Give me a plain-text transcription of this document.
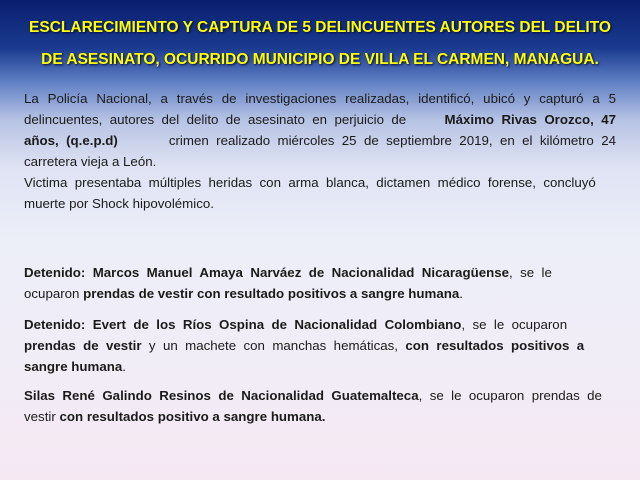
ESCLARECIMIENTO Y CAPTURA DE 5 DELINCUENTES AUTORES DEL DELITO
DE ASESINATO, OCURRIDO MUNICIPIO DE VILLA EL CARMEN, MANAGUA.
La Policía Nacional, a través de investigaciones realizadas, identificó, ubicó y capturó a 5
delincuentes,  autores  del  delito  de  asesinato  en  perjuicio  de	Máximo  Rivas  Orozco,  47
años,  (q.e.p.d)	crimen  realizado  miércoles  25  de  septiembre  2019,  en  el  kilómetro  24
carretera vieja a León.
Victima  presentaba  múltiples  heridas  con  arma  blanca,  dictamen  médico  forense,  concluyó
muerte por Shock hipovolémico.
Detenido:  Marcos  Manuel  Amaya  Narváez  de  Nacionalidad  Nicaragüense,  se  le
ocuparon prendas de vestir con resultado positivos a sangre humana.
Detenido:  Evert  de  los  Ríos  Ospina  de  Nacionalidad  Colombiano,  se  le  ocuparon
prendas  de  vestir y  un  machete  con  manchas  hemáticas, con  resultados  positivos  a
sangre humana.
Silas  René  Galindo  Resinos  de  Nacionalidad  Guatemalteca,  se  le  ocuparon  prendas  de
vestir con resultados positivo a sangre humana.
